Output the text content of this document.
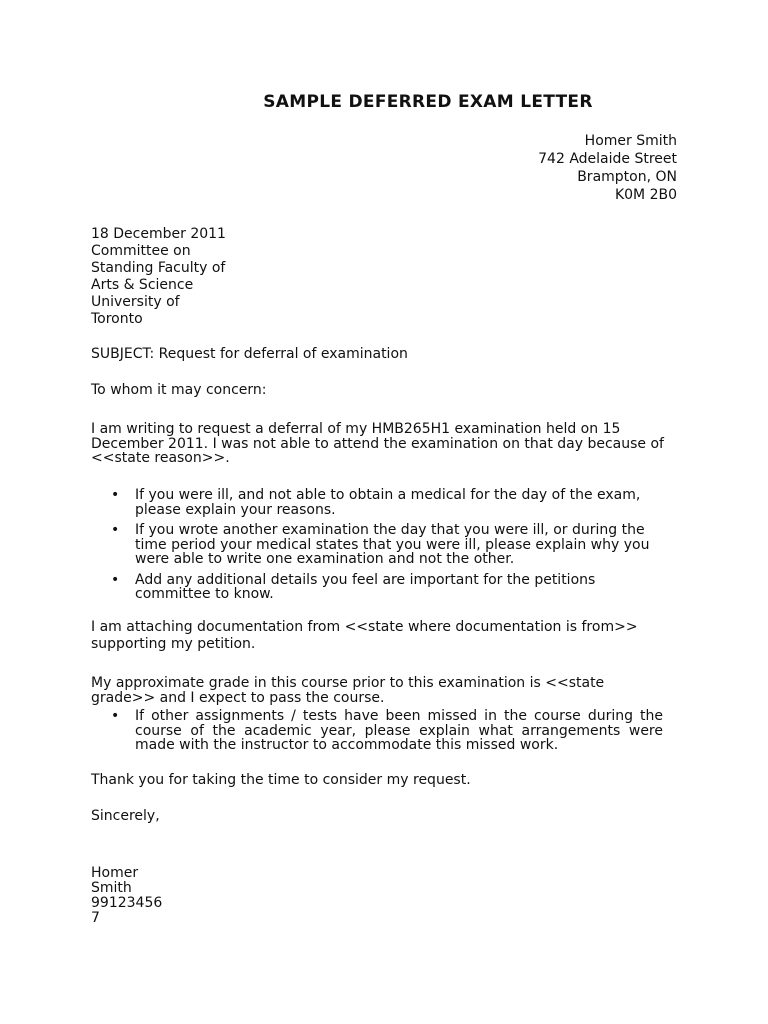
SAMPLE DEFERRED EXAM LETTER
Homer Smith
742 Adelaide Street
Brampton, ON
K0M 2B0
18 December 2011
Committee on
Standing Faculty of
Arts & Science
University of
Toronto
SUBJECT: Request for deferral of examination
To whom it may concern:
I am writing to request a deferral of my HMB265H1 examination held on 15 December 2011. I was not able to attend the examination on that day because of <<state reason>>.
• If you were ill, and not able to obtain a medical for the day of the exam, please explain your reasons.
• If you wrote another examination the day that you were ill, or during the time period your medical states that you were ill, please explain why you were able to write one examination and not the other.
• Add any additional details you feel are important for the petitions committee to know.
I am attaching documentation from <<state where documentation is from>> supporting my petition.
My approximate grade in this course prior to this examination is <<state grade>> and I expect to pass the course.
• If other assignments / tests have been missed in the course during the course of the academic year, please explain what arrangements were made with the instructor to accommodate this missed work.
Thank you for taking the time to consider my request.
Sincerely,
Homer
Smith
99123456
7
